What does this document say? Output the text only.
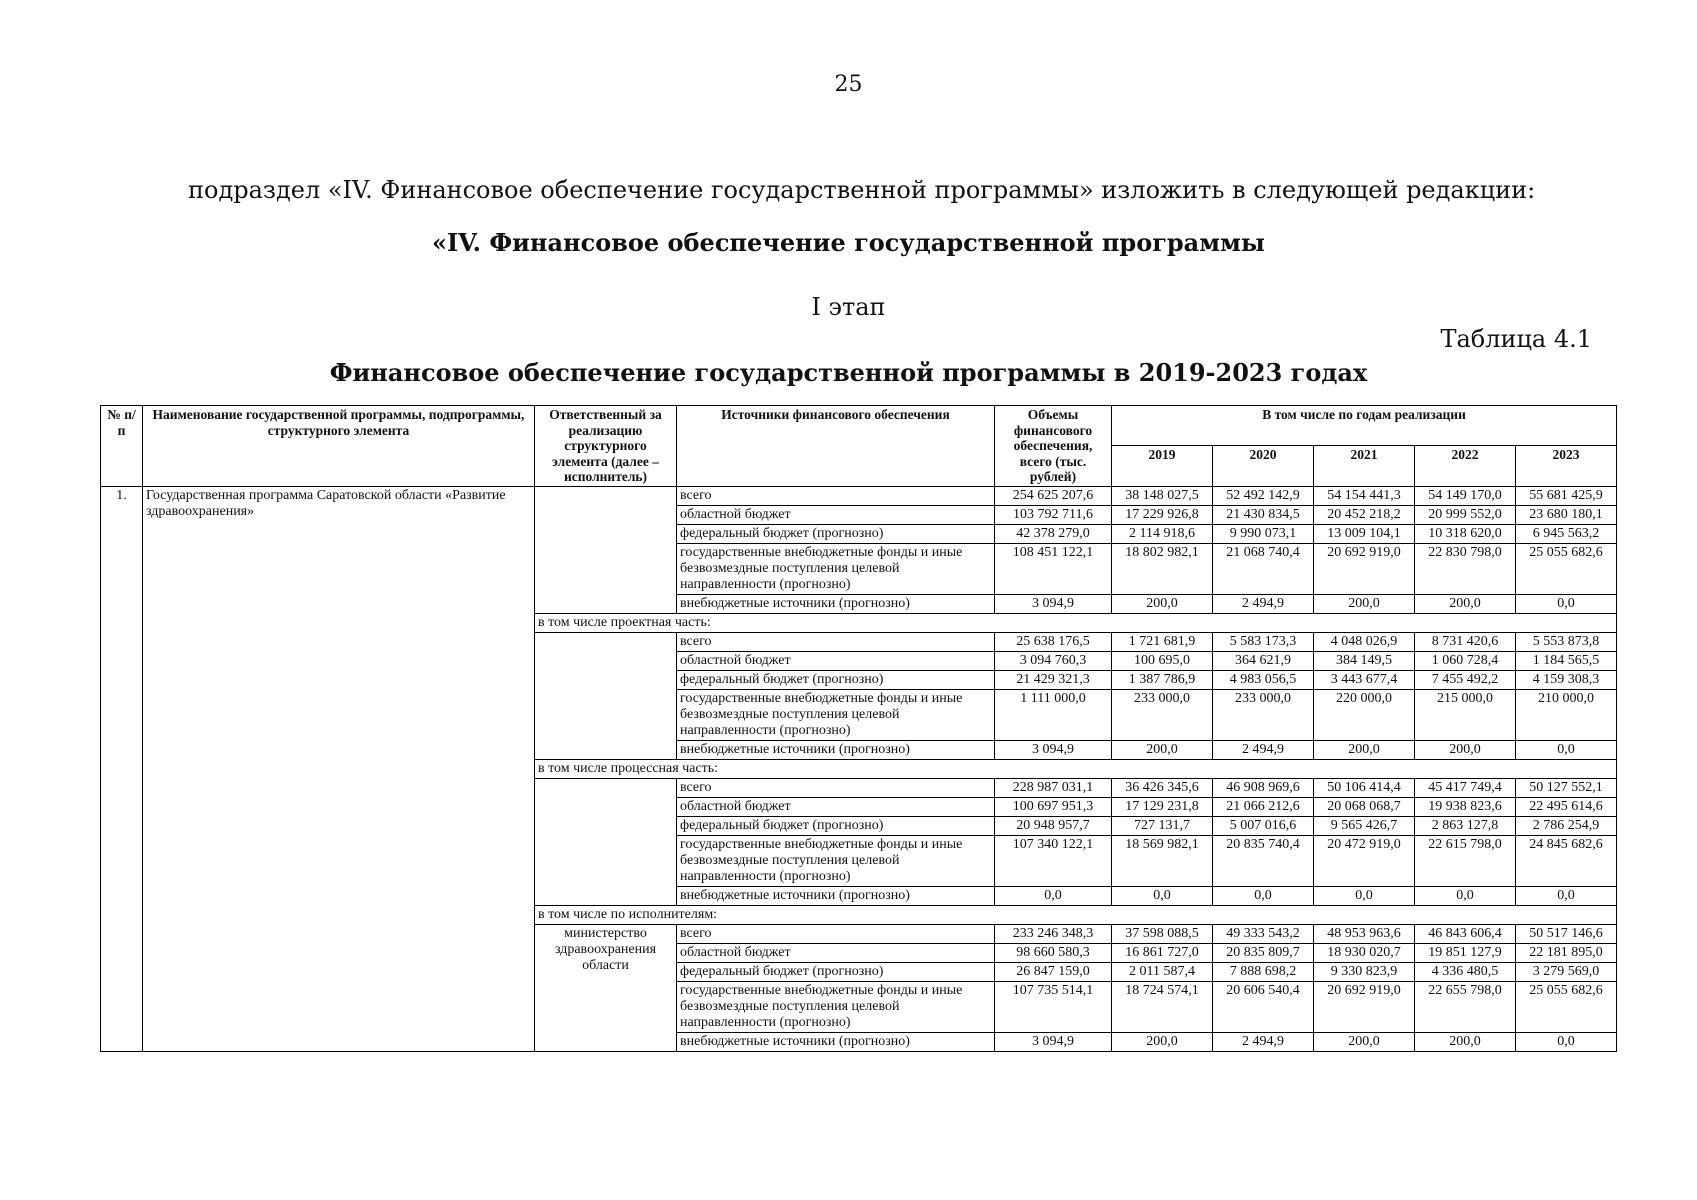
25
подраздел «IV. Финансовое обеспечение государственной программы» изложить в следующей редакции:
«IV. Финансовое обеспечение государственной программы
I этап
Таблица 4.1
Финансовое обеспечение государственной программы в 2019-2023 годах
№ п/п	Наименование государственной программы, подпрограммы, структурного элемента	Ответственный за реализацию структурного элемента (далее – исполнитель)	Источники финансового обеспечения	Объемы финансового обеспечения, всего (тыс. рублей)	В том числе по годам реализации				
					2019	2020	2021	2022	2023
1.	Государственная программа Саратовской области «Развитие здравоохранения»		всего	254 625 207,6	38 148 027,5	52 492 142,9	54 154 441,3	54 149 170,0	55 681 425,9
			областной бюджет	103 792 711,6	17 229 926,8	21 430 834,5	20 452 218,2	20 999 552,0	23 680 180,1
			федеральный бюджет (прогнозно)	42 378 279,0	2 114 918,6	9 990 073,1	13 009 104,1	10 318 620,0	6 945 563,2
			государственные внебюджетные фонды и иные безвозмездные поступления целевой направленности (прогнозно)	108 451 122,1	18 802 982,1	21 068 740,4	20 692 919,0	22 830 798,0	25 055 682,6
			внебюджетные источники (прогнозно)	3 094,9	200,0	2 494,9	200,0	200,0	0,0
		в том числе проектная часть:							
			всего	25 638 176,5	1 721 681,9	5 583 173,3	4 048 026,9	8 731 420,6	5 553 873,8
			областной бюджет	3 094 760,3	100 695,0	364 621,9	384 149,5	1 060 728,4	1 184 565,5
			федеральный бюджет (прогнозно)	21 429 321,3	1 387 786,9	4 983 056,5	3 443 677,4	7 455 492,2	4 159 308,3
			государственные внебюджетные фонды и иные безвозмездные поступления целевой направленности (прогнозно)	1 111 000,0	233 000,0	233 000,0	220 000,0	215 000,0	210 000,0
			внебюджетные источники (прогнозно)	3 094,9	200,0	2 494,9	200,0	200,0	0,0
		в том числе процессная часть:							
			всего	228 987 031,1	36 426 345,6	46 908 969,6	50 106 414,4	45 417 749,4	50 127 552,1
			областной бюджет	100 697 951,3	17 129 231,8	21 066 212,6	20 068 068,7	19 938 823,6	22 495 614,6
			федеральный бюджет (прогнозно)	20 948 957,7	727 131,7	5 007 016,6	9 565 426,7	2 863 127,8	2 786 254,9
			государственные внебюджетные фонды и иные безвозмездные поступления целевой направленности (прогнозно)	107 340 122,1	18 569 982,1	20 835 740,4	20 472 919,0	22 615 798,0	24 845 682,6
			внебюджетные источники (прогнозно)	0,0	0,0	0,0	0,0	0,0	0,0
		в том числе по исполнителям:							
		министерство здравоохранения области	всего	233 246 348,3	37 598 088,5	49 333 543,2	48 953 963,6	46 843 606,4	50 517 146,6
			областной бюджет	98 660 580,3	16 861 727,0	20 835 809,7	18 930 020,7	19 851 127,9	22 181 895,0
			федеральный бюджет (прогнозно)	26 847 159,0	2 011 587,4	7 888 698,2	9 330 823,9	4 336 480,5	3 279 569,0
			государственные внебюджетные фонды и иные безвозмездные поступления целевой направленности (прогнозно)	107 735 514,1	18 724 574,1	20 606 540,4	20 692 919,0	22 655 798,0	25 055 682,6
			внебюджетные источники (прогнозно)	3 094,9	200,0	2 494,9	200,0	200,0	0,0
